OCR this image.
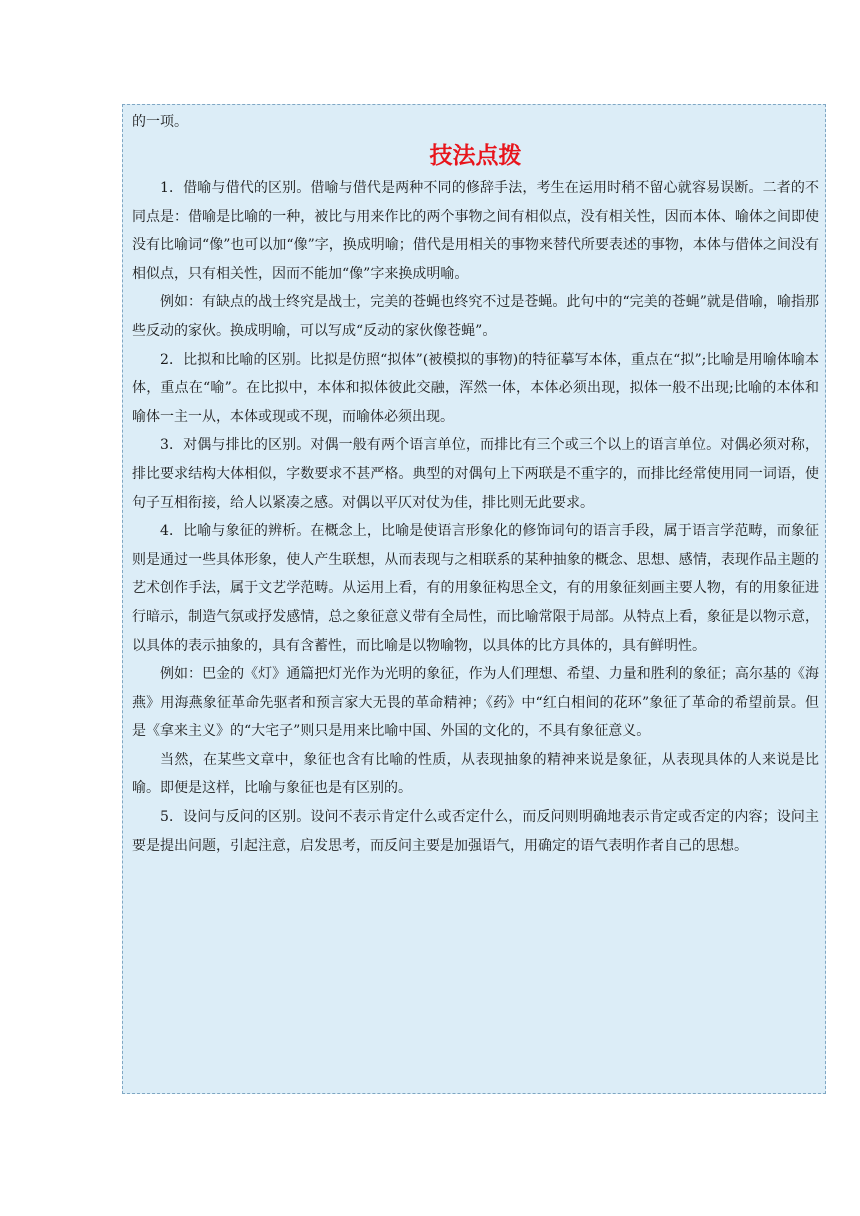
的一项。

技法点拨

1．借喻与借代的区别。借喻与借代是两种不同的修辞手法，考生在运用时稍不留心就容易误断。二者的不同点是：借喻是比喻的一种，被比与用来作比的两个事物之间有相似点，没有相关性，因而本体、喻体之间即使没有比喻词“像”也可以加“像”字，换成明喻；借代是用相关的事物来替代所要表述的事物，本体与借体之间没有相似点，只有相关性，因而不能加“像”字来换成明喻。

例如：有缺点的战士终究是战士，完美的苍蝇也终究不过是苍蝇。此句中的“完美的苍蝇”就是借喻，喻指那些反动的家伙。换成明喻，可以写成“反动的家伙像苍蝇”。

2．比拟和比喻的区别。比拟是仿照“拟体”(被模拟的事物)的特征摹写本体，重点在“拟”;比喻是用喻体喻本体，重点在“喻”。在比拟中，本体和拟体彼此交融，浑然一体，本体必须出现，拟体一般不出现;比喻的本体和喻体一主一从，本体或现或不现，而喻体必须出现。

3．对偶与排比的区别。对偶一般有两个语言单位，而排比有三个或三个以上的语言单位。对偶必须对称，排比要求结构大体相似，字数要求不甚严格。典型的对偶句上下两联是不重字的，而排比经常使用同一词语，使句子互相衔接，给人以紧凑之感。对偶以平仄对仗为佳，排比则无此要求。

4．比喻与象征的辨析。在概念上，比喻是使语言形象化的修饰词句的语言手段，属于语言学范畴，而象征则是通过一些具体形象，使人产生联想，从而表现与之相联系的某种抽象的概念、思想、感情，表现作品主题的艺术创作手法，属于文艺学范畴。从运用上看，有的用象征构思全文，有的用象征刻画主要人物，有的用象征进行暗示，制造气氛或抒发感情，总之象征意义带有全局性，而比喻常限于局部。从特点上看，象征是以物示意，以具体的表示抽象的，具有含蓄性，而比喻是以物喻物，以具体的比方具体的，具有鲜明性。

例如：巴金的《灯》通篇把灯光作为光明的象征，作为人们理想、希望、力量和胜利的象征；高尔基的《海燕》用海燕象征革命先驱者和预言家大无畏的革命精神；《药》中“红白相间的花环”象征了革命的希望前景。但是《拿来主义》的“大宅子”则只是用来比喻中国、外国的文化的，不具有象征意义。

当然，在某些文章中，象征也含有比喻的性质，从表现抽象的精神来说是象征，从表现具体的人来说是比喻。即便是这样，比喻与象征也是有区别的。

5．设问与反问的区别。设问不表示肯定什么或否定什么，而反问则明确地表示肯定或否定的内容；设问主要是提出问题，引起注意，启发思考，而反问主要是加强语气，用确定的语气表明作者自己的思想。
